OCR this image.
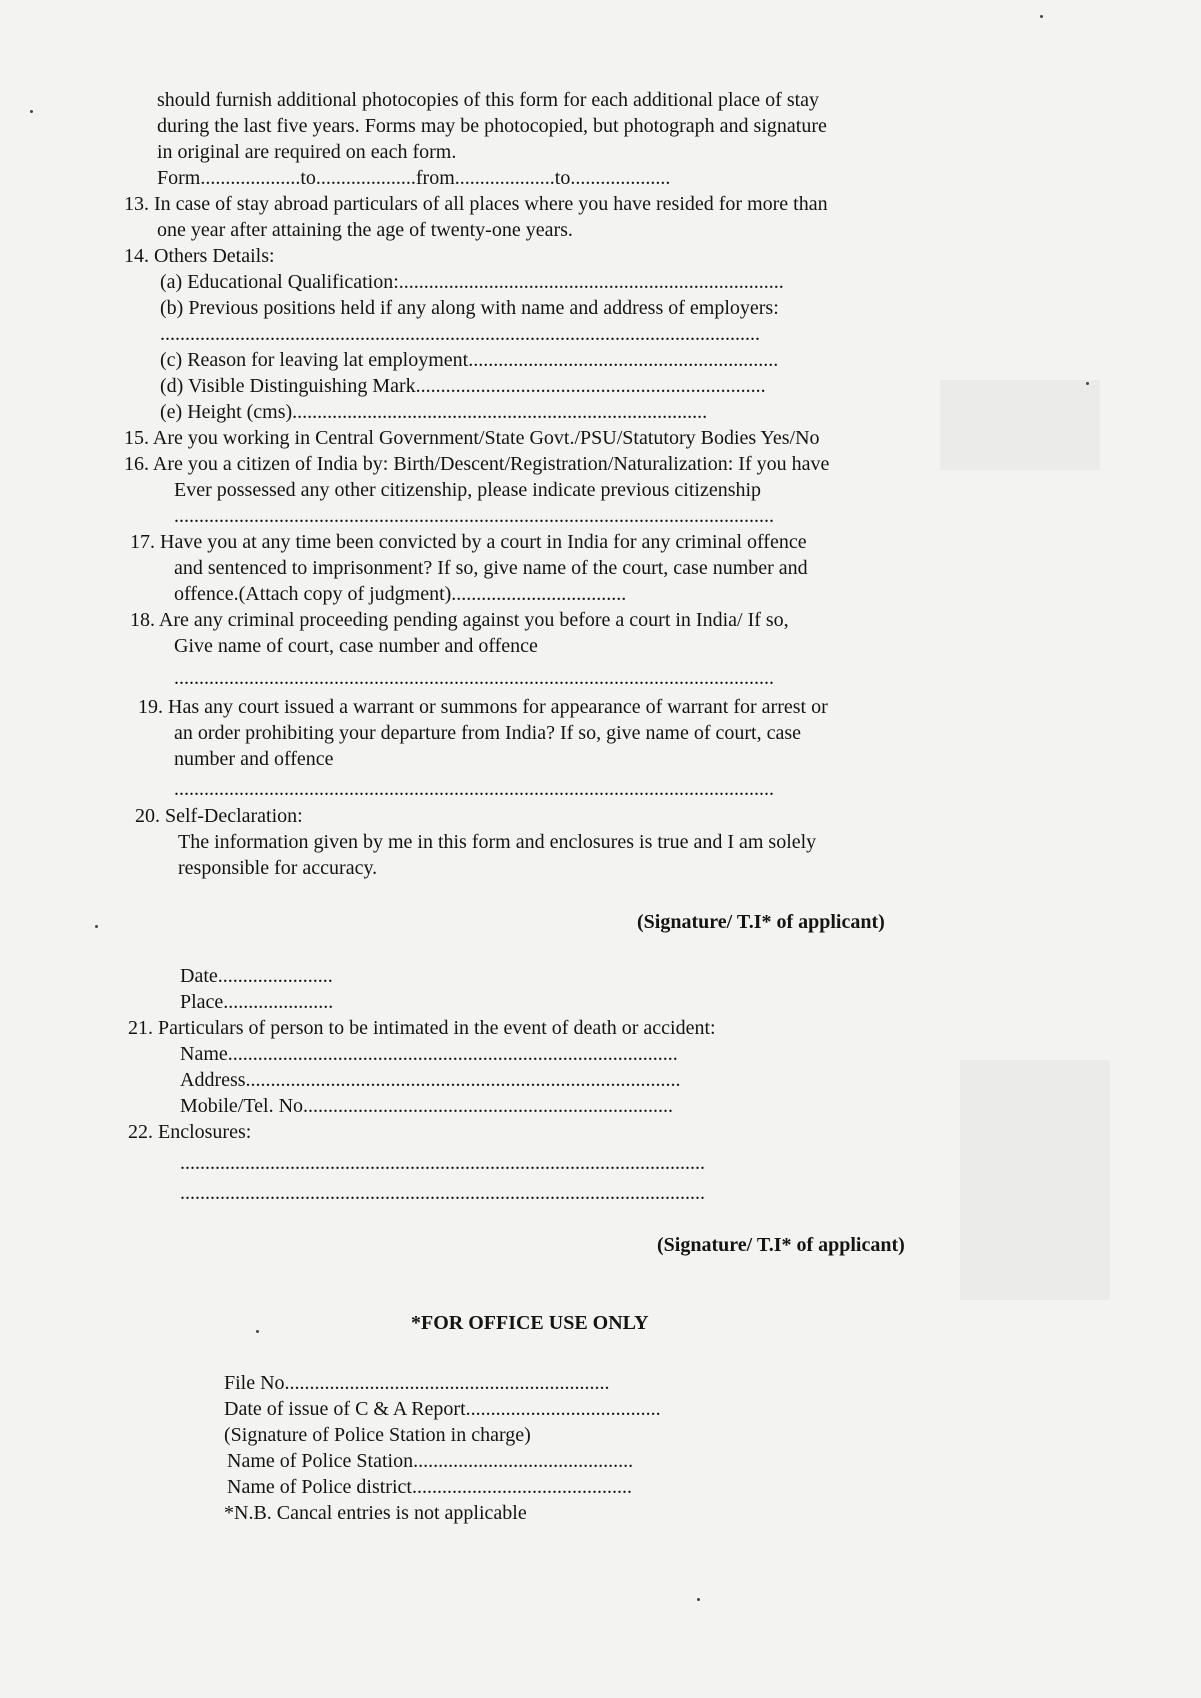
should furnish additional photocopies of this form for each additional place of stay
during the last five years. Forms may be photocopied, but photograph and signature
in original are required on each form.
Form....................to....................from....................to....................
13. In case of stay abroad particulars of all places where you have resided for more than
one year after attaining the age of twenty-one years.
14. Others Details:
(a) Educational Qualification:.............................................................................
(b) Previous positions held if any along with name and address of employers:
........................................................................................................................
(c) Reason for leaving lat employment..............................................................
(d) Visible Distinguishing Mark......................................................................
(e) Height (cms)...................................................................................
15. Are you working in Central Government/State Govt./PSU/Statutory Bodies Yes/No
16. Are you a citizen of India by: Birth/Descent/Registration/Naturalization: If you have
Ever possessed any other citizenship, please indicate previous citizenship
........................................................................................................................
17. Have you at any time been convicted by a court in India for any criminal offence
and sentenced to imprisonment? If so, give name of the court, case number and
offence.(Attach copy of judgment)...................................
18. Are any criminal proceeding pending against you before a court in India/ If so,
Give name of court, case number and offence
........................................................................................................................
19. Has any court issued a warrant or summons for appearance of warrant for arrest or
an order prohibiting your departure from India? If so, give name of court, case
number and offence
........................................................................................................................
20. Self-Declaration:
The information given by me in this form and enclosures is true and I am solely
responsible for accuracy.
(Signature/ T.I* of applicant)
Date.......................
Place......................
21. Particulars of person to be intimated in the event of death or accident:
Name..........................................................................................
Address.......................................................................................
Mobile/Tel. No..........................................................................
22. Enclosures:
.........................................................................................................
.........................................................................................................
(Signature/ T.I* of applicant)
*FOR OFFICE USE ONLY
File No.................................................................
Date of issue of C & A Report.......................................
(Signature of Police Station in charge)
Name of Police Station............................................
Name of Police district............................................
*N.B. Cancal entries is not applicable
